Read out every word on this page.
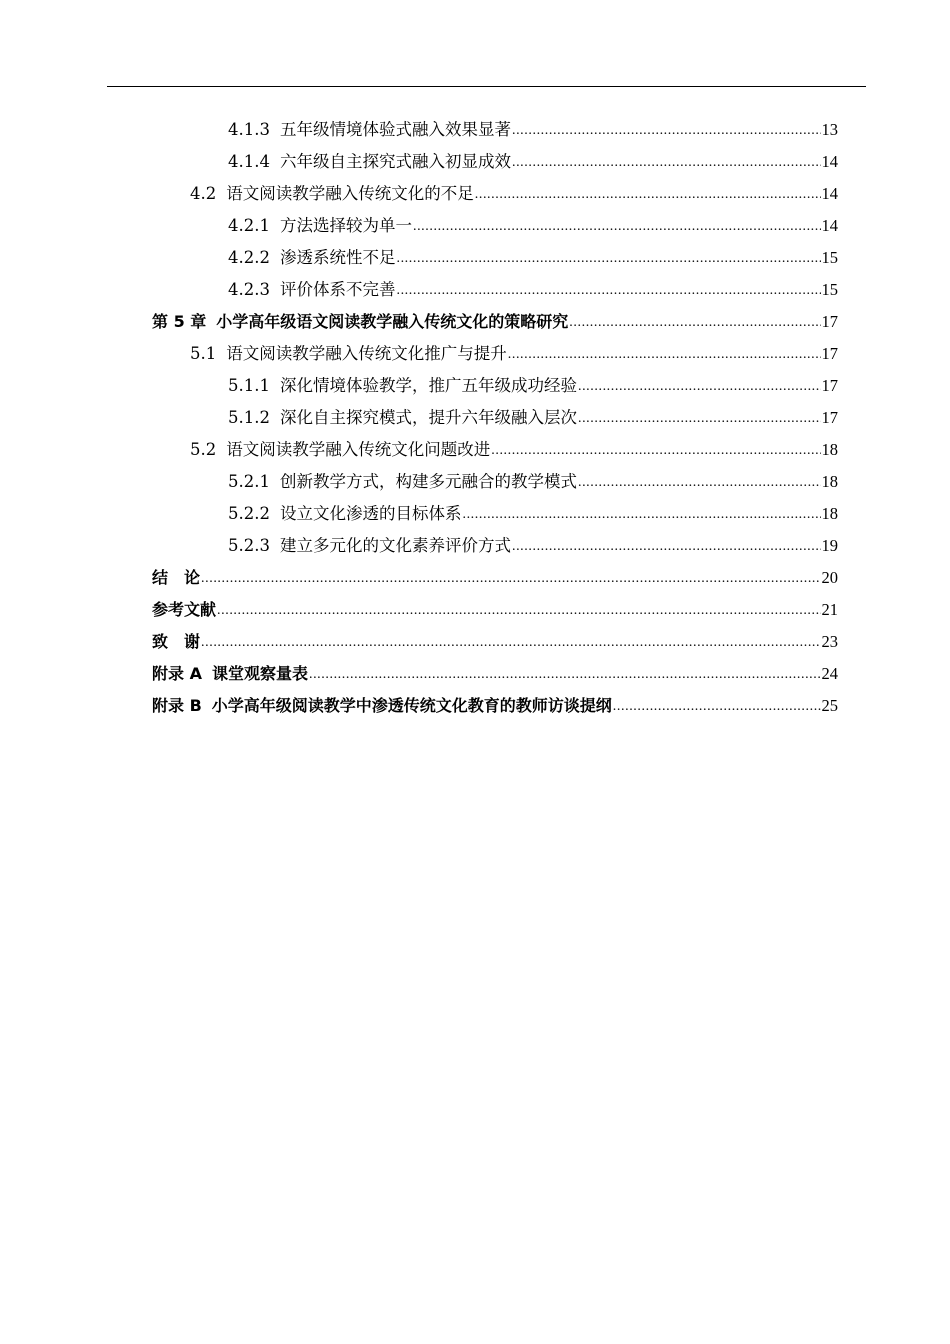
4.1.3 五年级情境体验式融入效果显著 .....	13
4.1.4 六年级自主探究式融入初显成效 .....	14
4.2 语文阅读教学融入传统文化的不足 .....	14
4.2.1 方法选择较为单一 .....	14
4.2.2 渗透系统性不足 .....	15
4.2.3 评价体系不完善 .....	15
第 5 章 小学高年级语文阅读教学融入传统文化的策略研究 .....	17
5.1 语文阅读教学融入传统文化推广与提升 .....	17
5.1.1 深化情境体验教学，推广五年级成功经验 .....	17
5.1.2 深化自主探究模式，提升六年级融入层次 .....	17
5.2 语文阅读教学融入传统文化问题改进 .....	18
5.2.1 创新教学方式，构建多元融合的教学模式 .....	18
5.2.2 设立文化渗透的目标体系 .....	18
5.2.3 建立多元化的文化素养评价方式 .....	19
结　论 .....	20
参考文献 .....	21
致　谢 .....	23
附录 A 课堂观察量表 .....	24
附录 B 小学高年级阅读教学中渗透传统文化教育的教师访谈提纲 .....	25
